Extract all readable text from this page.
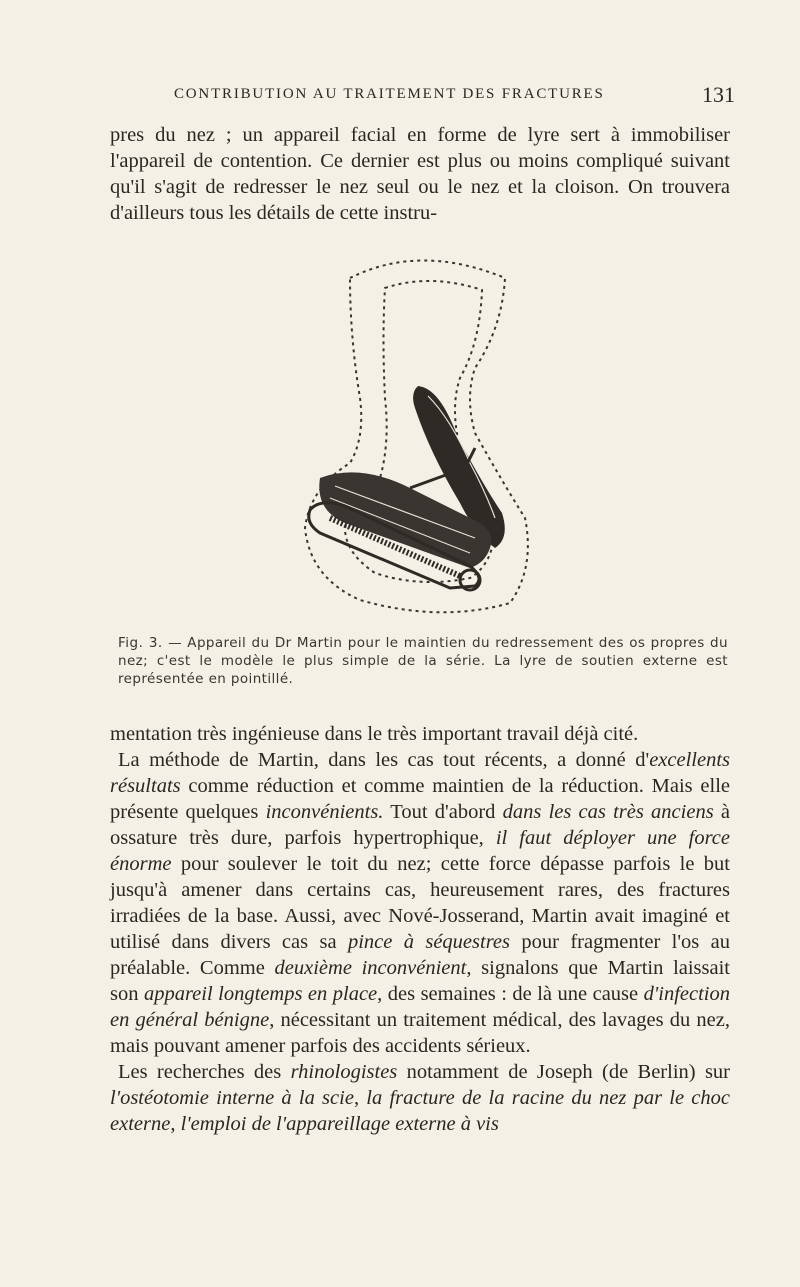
CONTRIBUTION AU TRAITEMENT DES FRACTURES	131

pres du nez ; un appareil facial en forme de lyre sert à immobiliser l'appareil de contention. Ce dernier est plus ou moins compliqué suivant qu'il s'agit de redresser le nez seul ou le nez et la cloison. On trouvera d'ailleurs tous les détails de cette instru-

Fig. 3. — Appareil du Dr Martin pour le maintien du redressement des os propres du nez; c'est le modèle le plus simple de la série. La lyre de soutien externe est représentée en pointillé.

mentation très ingénieuse dans le très important travail déjà cité.

La méthode de Martin, dans les cas tout récents, a donné d'excellents résultats comme réduction et comme maintien de la réduction. Mais elle présente quelques inconvénients. Tout d'abord dans les cas très anciens à ossature très dure, parfois hypertrophique, il faut déployer une force énorme pour soulever le toit du nez; cette force dépasse parfois le but jusqu'à amener dans certains cas, heureusement rares, des fractures irradiées de la base. Aussi, avec Nové-Josserand, Martin avait imaginé et utilisé dans divers cas sa pince à séquestres pour fragmenter l'os au préalable. Comme deuxième inconvénient, signalons que Martin laissait son appareil longtemps en place, des semaines : de là une cause d'infection en général bénigne, nécessitant un traitement médical, des lavages du nez, mais pouvant amener parfois des accidents sérieux.

Les recherches des rhinologistes notamment de Joseph (de Berlin) sur l'ostéotomie interne à la scie, la fracture de la racine du nez par le choc externe, l'emploi de l'appareillage externe à vis
